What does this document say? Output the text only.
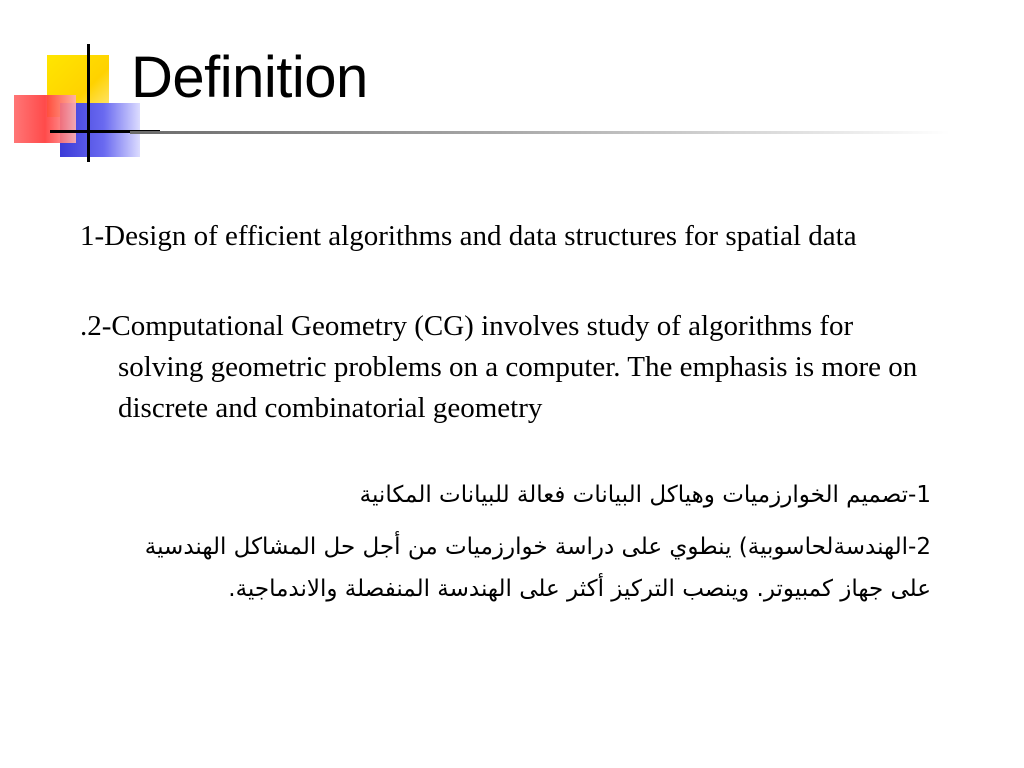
Definition

1-Design of efficient algorithms and data structures for spatial data

.2-Computational Geometry (CG) involves study of algorithms for solving geometric problems on a computer. The emphasis is more on discrete and combinatorial geometry

1-تصميم الخوارزميات وهياكل البيانات فعالة للبيانات المكانية

2-الهندسةلحاسوبية) ينطوي على دراسة خوارزميات من أجل حل المشاكل الهندسية على جهاز كمبيوتر. وينصب التركيز أكثر على الهندسة المنفصلة والاندماجية.
